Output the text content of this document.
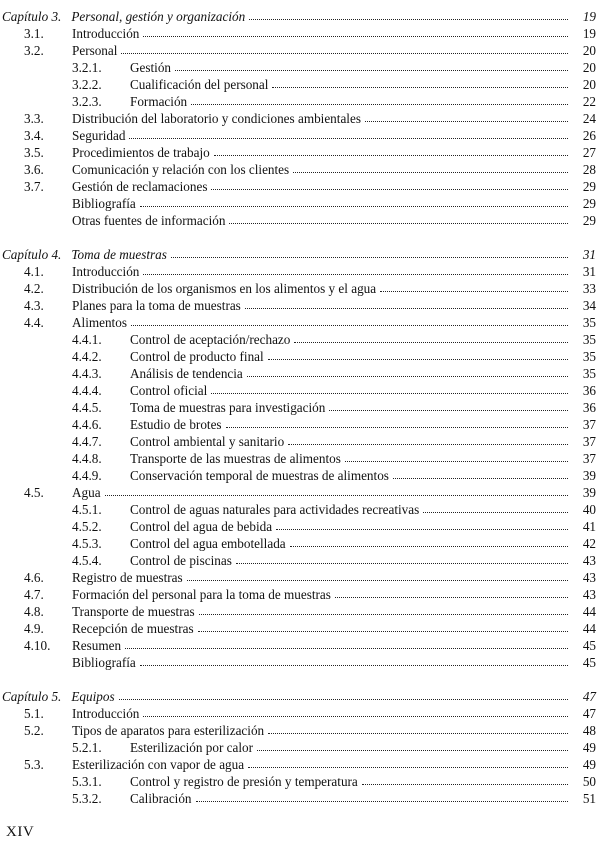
Capítulo 3. Personal, gestión y organización	19
3.1. Introducción	19
3.2. Personal	20
3.2.1. Gestión	20
3.2.2. Cualificación del personal	20
3.2.3. Formación	22
3.3. Distribución del laboratorio y condiciones ambientales	24
3.4. Seguridad	26
3.5. Procedimientos de trabajo	27
3.6. Comunicación y relación con los clientes	28
3.7. Gestión de reclamaciones	29
Bibliografía	29
Otras fuentes de información	29
Capítulo 4. Toma de muestras	31
4.1. Introducción	31
4.2. Distribución de los organismos en los alimentos y el agua	33
4.3. Planes para la toma de muestras	34
4.4. Alimentos	35
4.4.1. Control de aceptación/rechazo	35
4.4.2. Control de producto final	35
4.4.3. Análisis de tendencia	35
4.4.4. Control oficial	36
4.4.5. Toma de muestras para investigación	36
4.4.6. Estudio de brotes	37
4.4.7. Control ambiental y sanitario	37
4.4.8. Transporte de las muestras de alimentos	37
4.4.9. Conservación temporal de muestras de alimentos	39
4.5. Agua	39
4.5.1. Control de aguas naturales para actividades recreativas	40
4.5.2. Control del agua de bebida	41
4.5.3. Control del agua embotellada	42
4.5.4. Control de piscinas	43
4.6. Registro de muestras	43
4.7. Formación del personal para la toma de muestras	43
4.8. Transporte de muestras	44
4.9. Recepción de muestras	44
4.10. Resumen	45
Bibliografía	45
Capítulo 5. Equipos	47
5.1. Introducción	47
5.2. Tipos de aparatos para esterilización	48
5.2.1. Esterilización por calor	49
5.3. Esterilización con vapor de agua	49
5.3.1. Control y registro de presión y temperatura	50
5.3.2. Calibración	51
XIV
